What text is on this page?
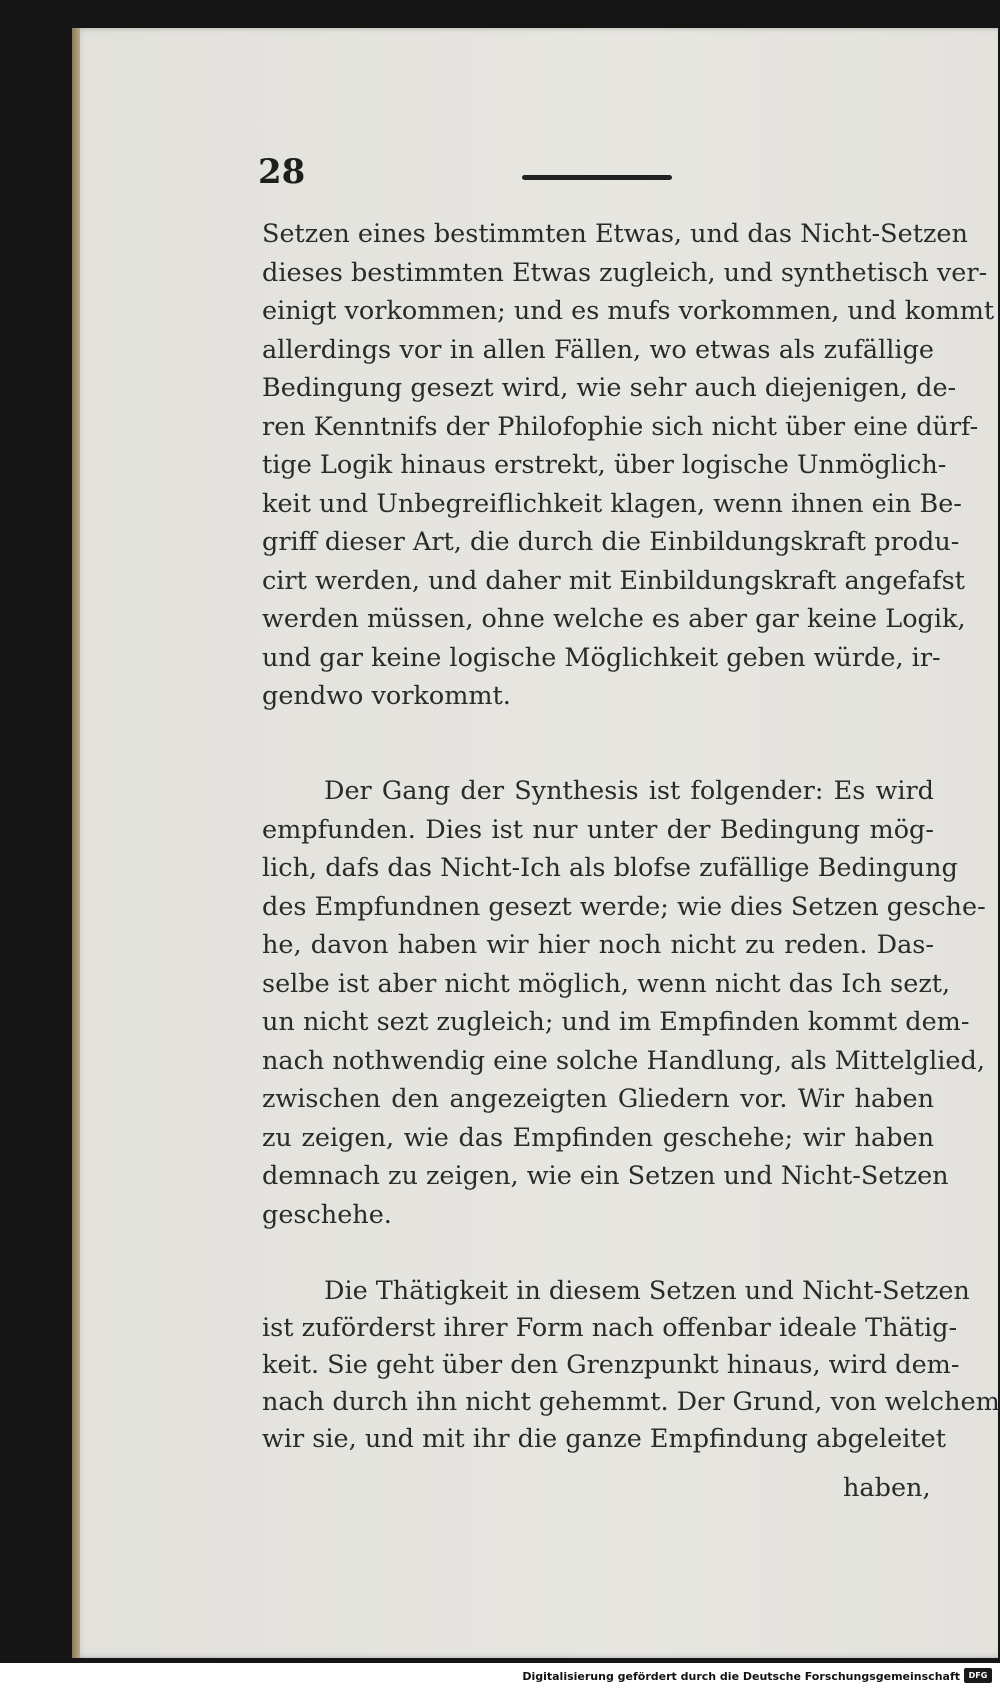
28

Setzen eines bestimmten Etwas, und das Nicht-Setzen
dieses bestimmten Etwas zugleich, und synthetisch ver-
einigt vorkommen; und es mufs vorkommen, und kommt
allerdings vor in allen Fällen, wo etwas als zufällige
Bedingung gesezt wird, wie sehr auch diejenigen, de-
ren Kenntnifs der Philofophie sich nicht über eine dürf-
tige Logik hinaus erstrekt, über logische Unmöglich-
keit und Unbegreiflichkeit klagen, wenn ihnen ein Be-
griff dieser Art, die durch die Einbildungskraft produ-
cirt werden, und daher mit Einbildungskraft angefafst
werden müssen, ohne welche es aber gar keine Logik,
und gar keine logische Möglichkeit geben würde, ir-
gendwo vorkommt.

Der Gang der Synthesis ist folgender: Es wird
empfunden. Dies ist nur unter der Bedingung mög-
lich, dafs das Nicht-Ich als blofse zufällige Bedingung
des Empfundnen gesezt werde; wie dies Setzen gesche-
he, davon haben wir hier noch nicht zu reden. Das-
selbe ist aber nicht möglich, wenn nicht das Ich sezt,
un nicht sezt zugleich; und im Empfinden kommt dem-
nach nothwendig eine solche Handlung, als Mittelglied,
zwischen den angezeigten Gliedern vor. Wir haben
zu zeigen, wie das Empfinden geschehe; wir haben
demnach zu zeigen, wie ein Setzen und Nicht-Setzen
geschehe.

Die Thätigkeit in diesem Setzen und Nicht-Setzen
ist zuförderst ihrer Form nach offenbar ideale Thätig-
keit. Sie geht über den Grenzpunkt hinaus, wird dem-
nach durch ihn nicht gehemmt. Der Grund, von welchem
wir sie, und mit ihr die ganze Empfindung abgeleitet

haben,
Digitalisierung gefördert durch die Deutsche Forschungsgemeinschaft	DFG
